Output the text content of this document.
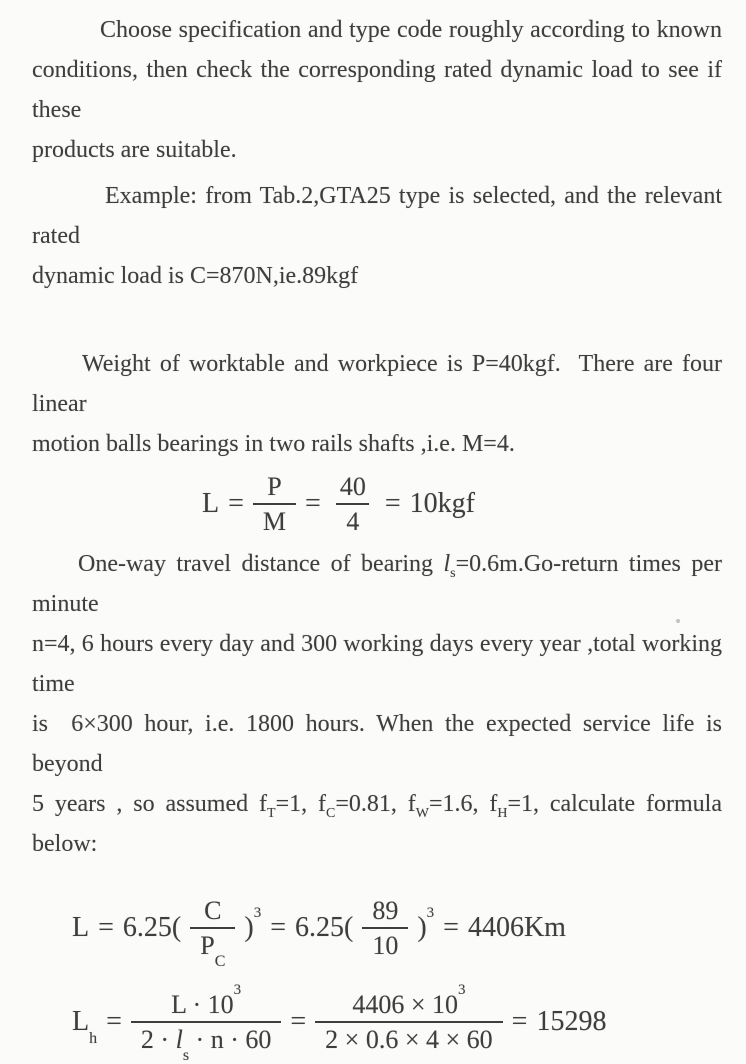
Choose specification and type code roughly according to known
conditions, then check the corresponding rated dynamic load to see if these
products are suitable.
Example: from Tab.2,GTA25 type is selected, and the relevant rated
dynamic load is C=870N,ie.89kgf
Weight of worktable and workpiece is P=40kgf.  There are four linear
motion balls bearings in two rails shafts ,i.e. M=4.
$L = \frac{P}{M} = \frac{40}{4} = 10kgf$
One-way travel distance of bearing $l_s=0.6m.Go$-return times per minute
n=4, 6 hours every day and 300 working days every year ,total working time
is  6×300 hour, i.e. 1800 hours. When the expected service life is beyond
5 years , so assumed $f_T=1$, $f_C=0.81$, $f_W=1.6$, $f_H=1$, calculate formula below:
$L = 6.25( \frac{C}{P_C} )^3 = 6.25( \frac{89}{10} )^3 = 4406Km$
$L_h$
= $\frac{L \cdot 10^3}{2 \cdot l_s \cdot n \cdot 60} = \frac{4406 \times 10^3}{2 \times 0.6 \times 4 \times 60} = 15298$
